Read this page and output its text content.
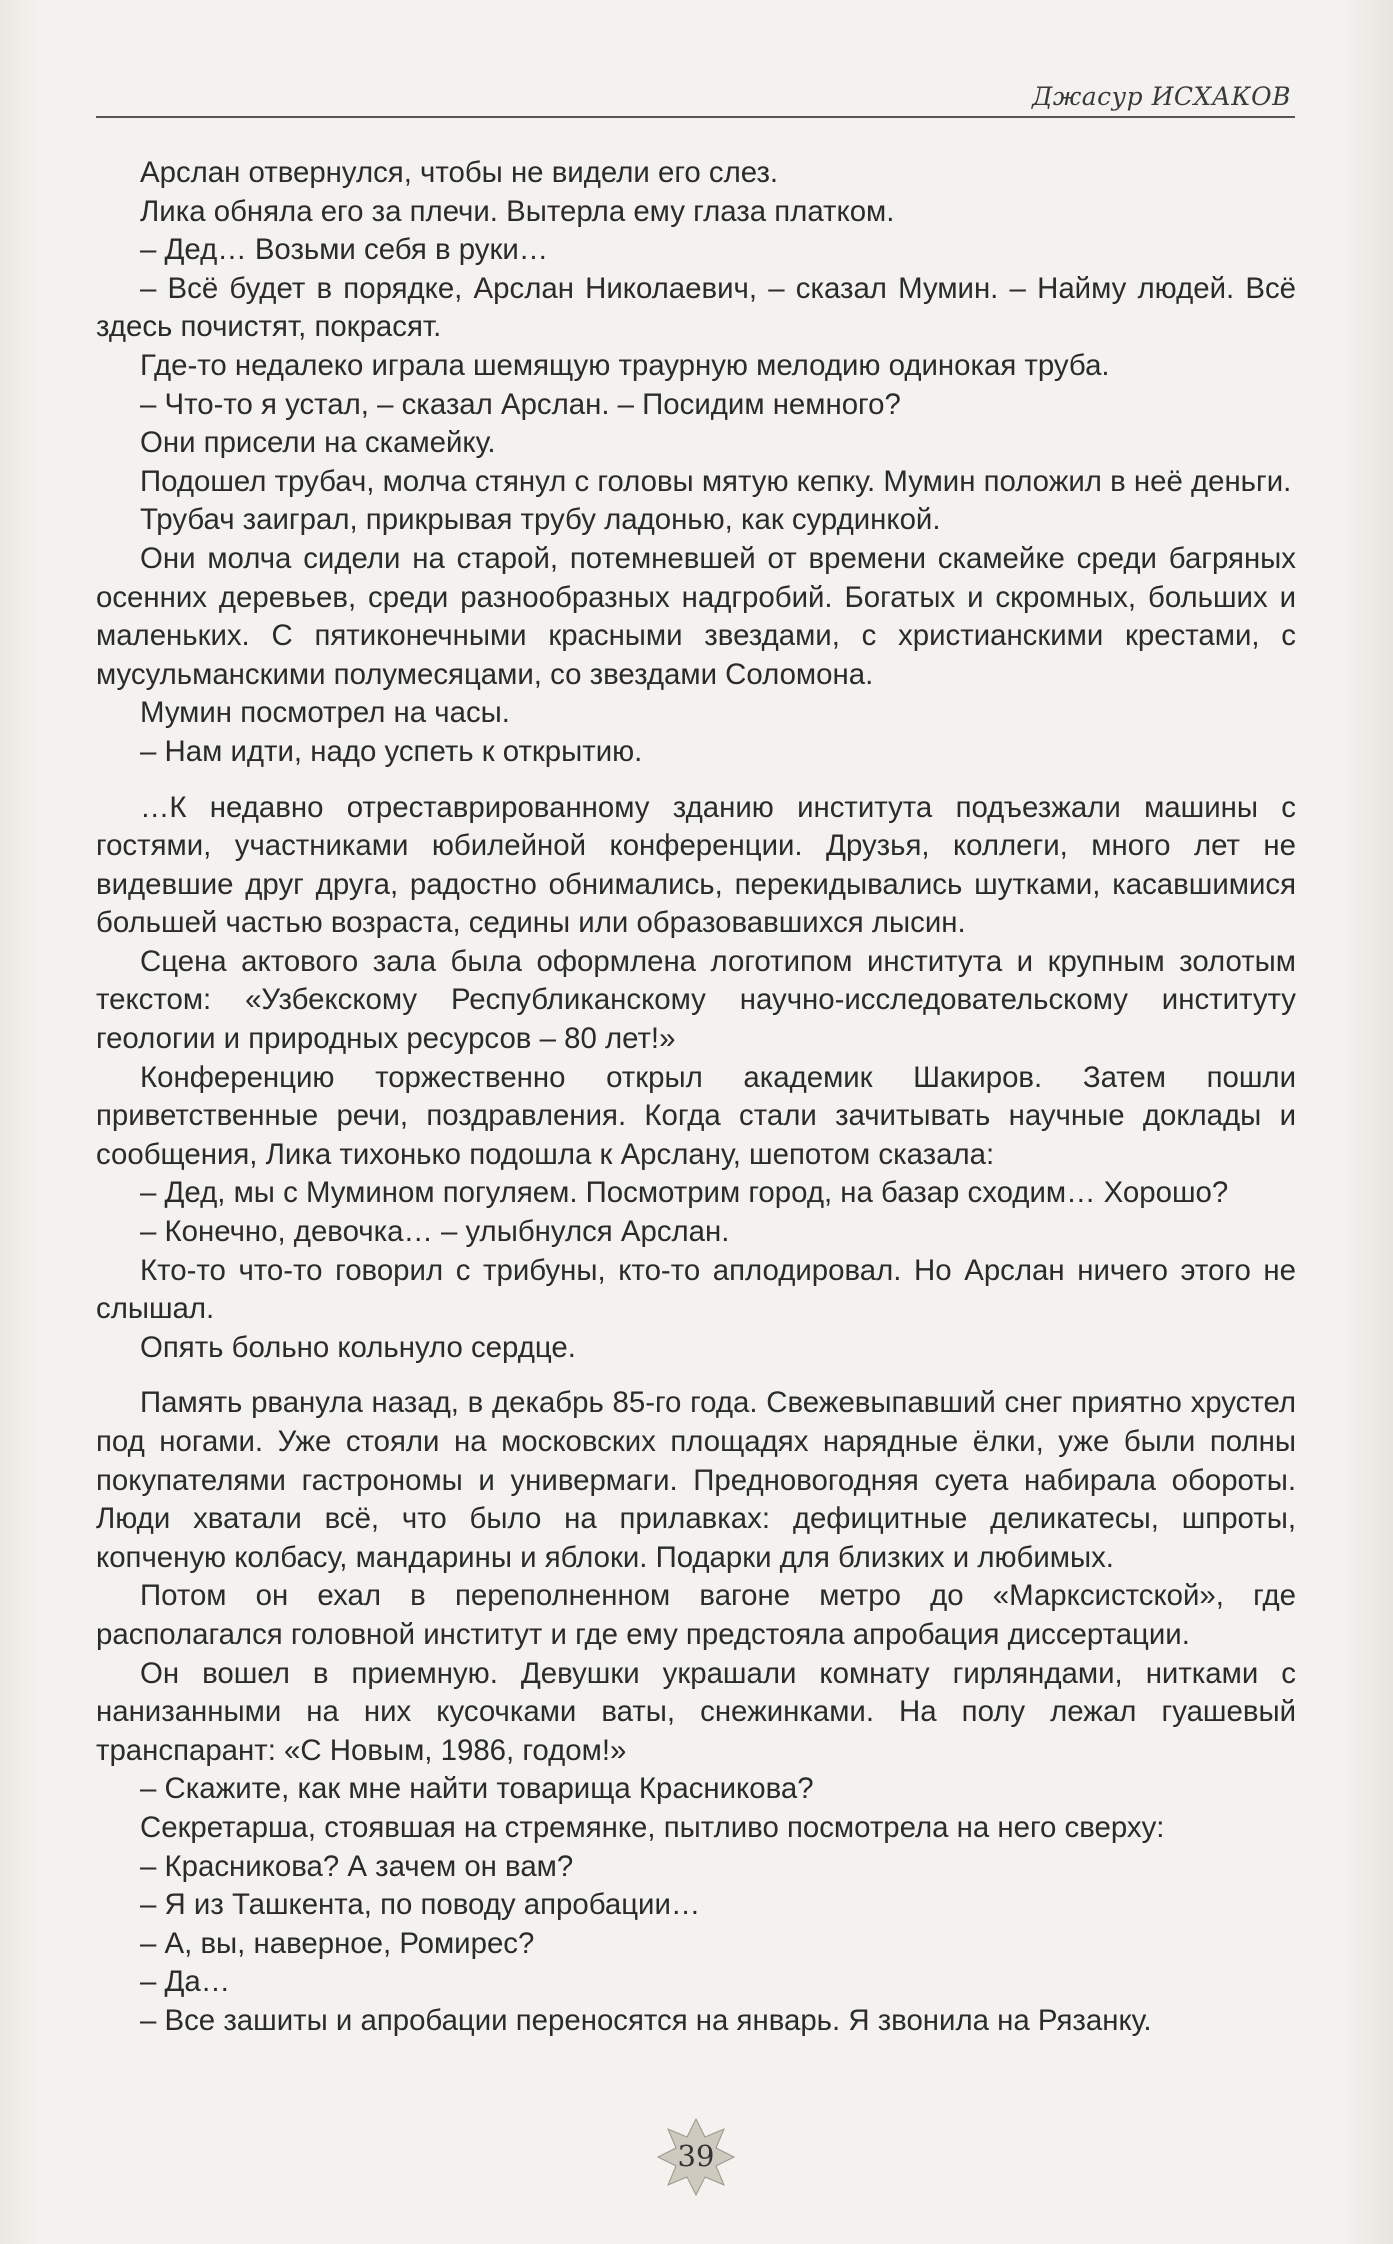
Джасур ИСХАКОВ

Арслан отвернулся, чтобы не видели его слез.

Лика обняла его за плечи. Вытерла ему глаза платком.

– Дед… Возьми себя в руки…

– Всё будет в порядке, Арслан Николаевич, – сказал Мумин. – Найму людей. Всё здесь почистят, покрасят.

Где-то недалеко играла шемящую траурную мелодию одинокая труба.

– Что-то я устал, – сказал Арслан. – Посидим немного?

Они присели на скамейку.

Подошел трубач, молча стянул с головы мятую кепку. Мумин положил в неё деньги.

Трубач заиграл, прикрывая трубу ладонью, как сурдинкой.

Они молча сидели на старой, потемневшей от времени скамейке среди багряных осенних деревьев, среди разнообразных надгробий. Богатых и скромных, больших и маленьких. С пятиконечными красными звездами, с христианскими крестами, с мусульманскими полумесяцами, со звездами Соломона.

Мумин посмотрел на часы.

– Нам идти, надо успеть к открытию.

…К недавно отреставрированному зданию института подъезжали машины с гостями, участниками юбилейной конференции. Друзья, коллеги, много лет не видевшие друг друга, радостно обнимались, перекидывались шутками, касавшимися большей частью возраста, седины или образовавшихся лысин.

Сцена актового зала была оформлена логотипом института и крупным золотым текстом: «Узбекскому Республиканскому научно-исследовательскому институту геологии и природных ресурсов – 80 лет!»

Конференцию торжественно открыл академик Шакиров. Затем пошли приветственные речи, поздравления. Когда стали зачитывать научные доклады и сообщения, Лика тихонько подошла к Арслану, шепотом сказала:

– Дед, мы с Мумином погуляем. Посмотрим город, на базар сходим… Хорошо?

– Конечно, девочка… – улыбнулся Арслан.

Кто-то что-то говорил с трибуны, кто-то аплодировал. Но Арслан ничего этого не слышал.

Опять больно кольнуло сердце.

Память рванула назад, в декабрь 85-го года. Свежевыпавший снег приятно хрустел под ногами. Уже стояли на московских площадях нарядные ёлки, уже были полны покупателями гастрономы и универмаги. Предновогодняя суета набирала обороты. Люди хватали всё, что было на прилавках: дефицитные деликатесы, шпроты, копченую колбасу, мандарины и яблоки. Подарки для близких и любимых.

Потом он ехал в переполненном вагоне метро до «Марксистской», где располагался головной институт и где ему предстояла апробация диссертации.

Он вошел в приемную. Девушки украшали комнату гирляндами, нитками с нанизанными на них кусочками ваты, снежинками. На полу лежал гуашевый транспарант: «С Новым, 1986, годом!»

– Скажите, как мне найти товарища Красникова?

Секретарша, стоявшая на стремянке, пытливо посмотрела на него сверху:

– Красникова? А зачем он вам?

– Я из Ташкента, по поводу апробации…

– А, вы, наверное, Ромирес?

– Да…

– Все зашиты и апробации переносятся на январь. Я звонила на Рязанку.

39
